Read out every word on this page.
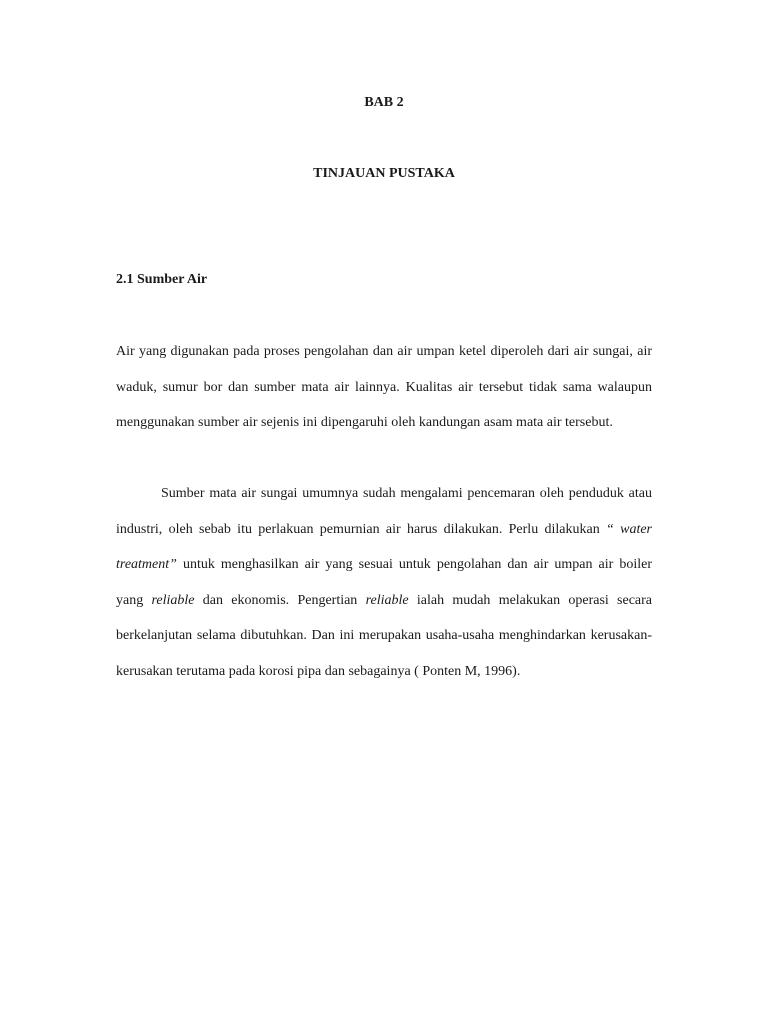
BAB 2
TINJAUAN PUSTAKA
2.1 Sumber Air

Air yang digunakan pada proses pengolahan dan air umpan ketel diperoleh dari air sungai, air waduk, sumur bor dan sumber mata air lainnya. Kualitas air tersebut tidak sama walaupun menggunakan sumber air sejenis ini dipengaruhi oleh kandungan asam mata air tersebut.

Sumber mata air sungai umumnya sudah mengalami pencemaran oleh penduduk atau industri, oleh sebab itu perlakuan pemurnian air harus dilakukan. Perlu dilakukan “ water treatment” untuk menghasilkan air yang sesuai untuk pengolahan dan air umpan air boiler yang reliable dan ekonomis. Pengertian reliable ialah mudah melakukan operasi secara berkelanjutan selama dibutuhkan. Dan ini merupakan usaha-usaha menghindarkan kerusakan-kerusakan terutama pada korosi pipa dan sebagainya ( Ponten M, 1996).
